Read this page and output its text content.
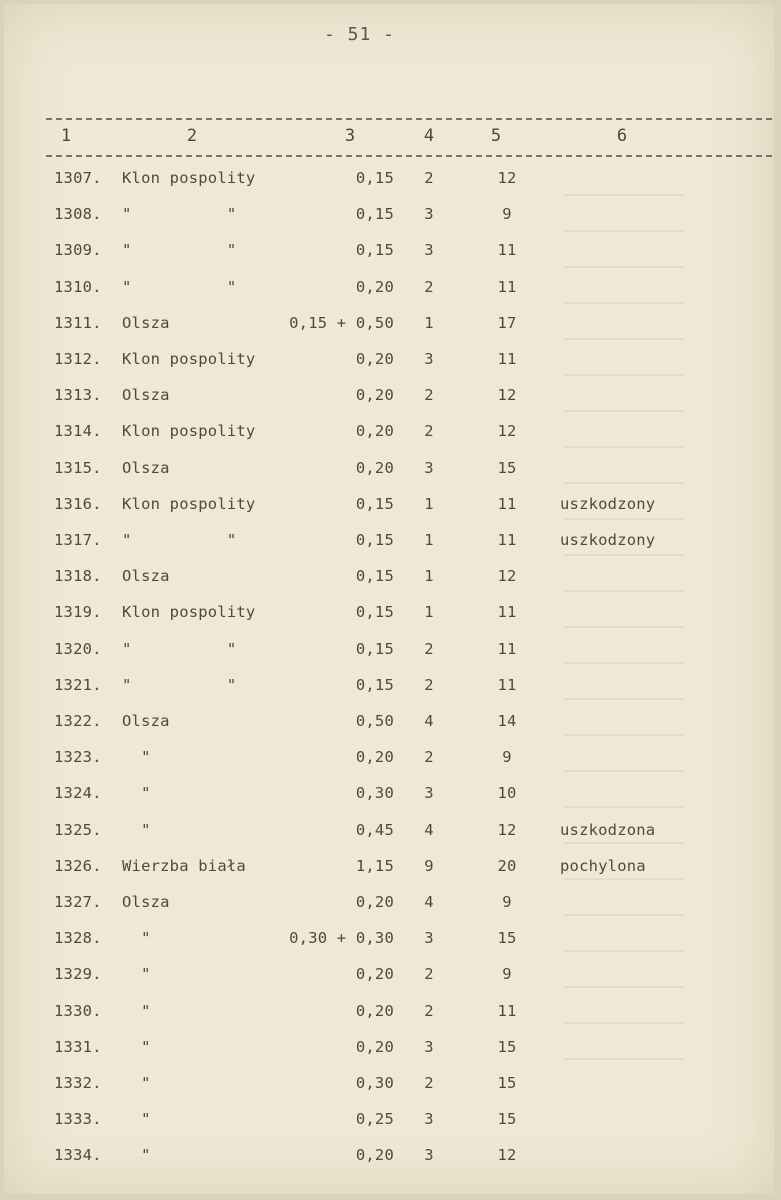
- 51 -
1	2	3	4	5	6
1307. Klon pospolity	0,15 2	12
1308. "          "	0,15 3	9
1309. "          "	0,15 3	11
1310. "          "	0,20 2	11
1311. Olsza	0,15 + 0,50 1	17
1312. Klon pospolity	0,20 3	11
1313. Olsza	0,20 2	12
1314. Klon pospolity	0,20 2	12
1315. Olsza	0,20 3	15
1316. Klon pospolity	0,15 1	11	uszkodzony
1317. "          "	0,15 1	11	uszkodzony
1318. Olsza	0,15 1	12
1319. Klon pospolity	0,15 1	11
1320. "          "	0,15 2	11
1321. "          "	0,15 2	11
1322. Olsza	0,50 4	14
1323. "	0,20 2	9
1324. "	0,30 3	10
1325. "	0,45 4	12	uszkodzona
1326. Wierzba biała	1,15 9	20	pochylona
1327. Olsza	0,20 4	9
1328. "	0,30 + 0,30 3	15
1329. "	0,20 2	9
1330. "	0,20 2	11
1331. "	0,20 3	15
1332. "	0,30 2	15
1333. "	0,25 3	15
1334. "	0,20 3	12
